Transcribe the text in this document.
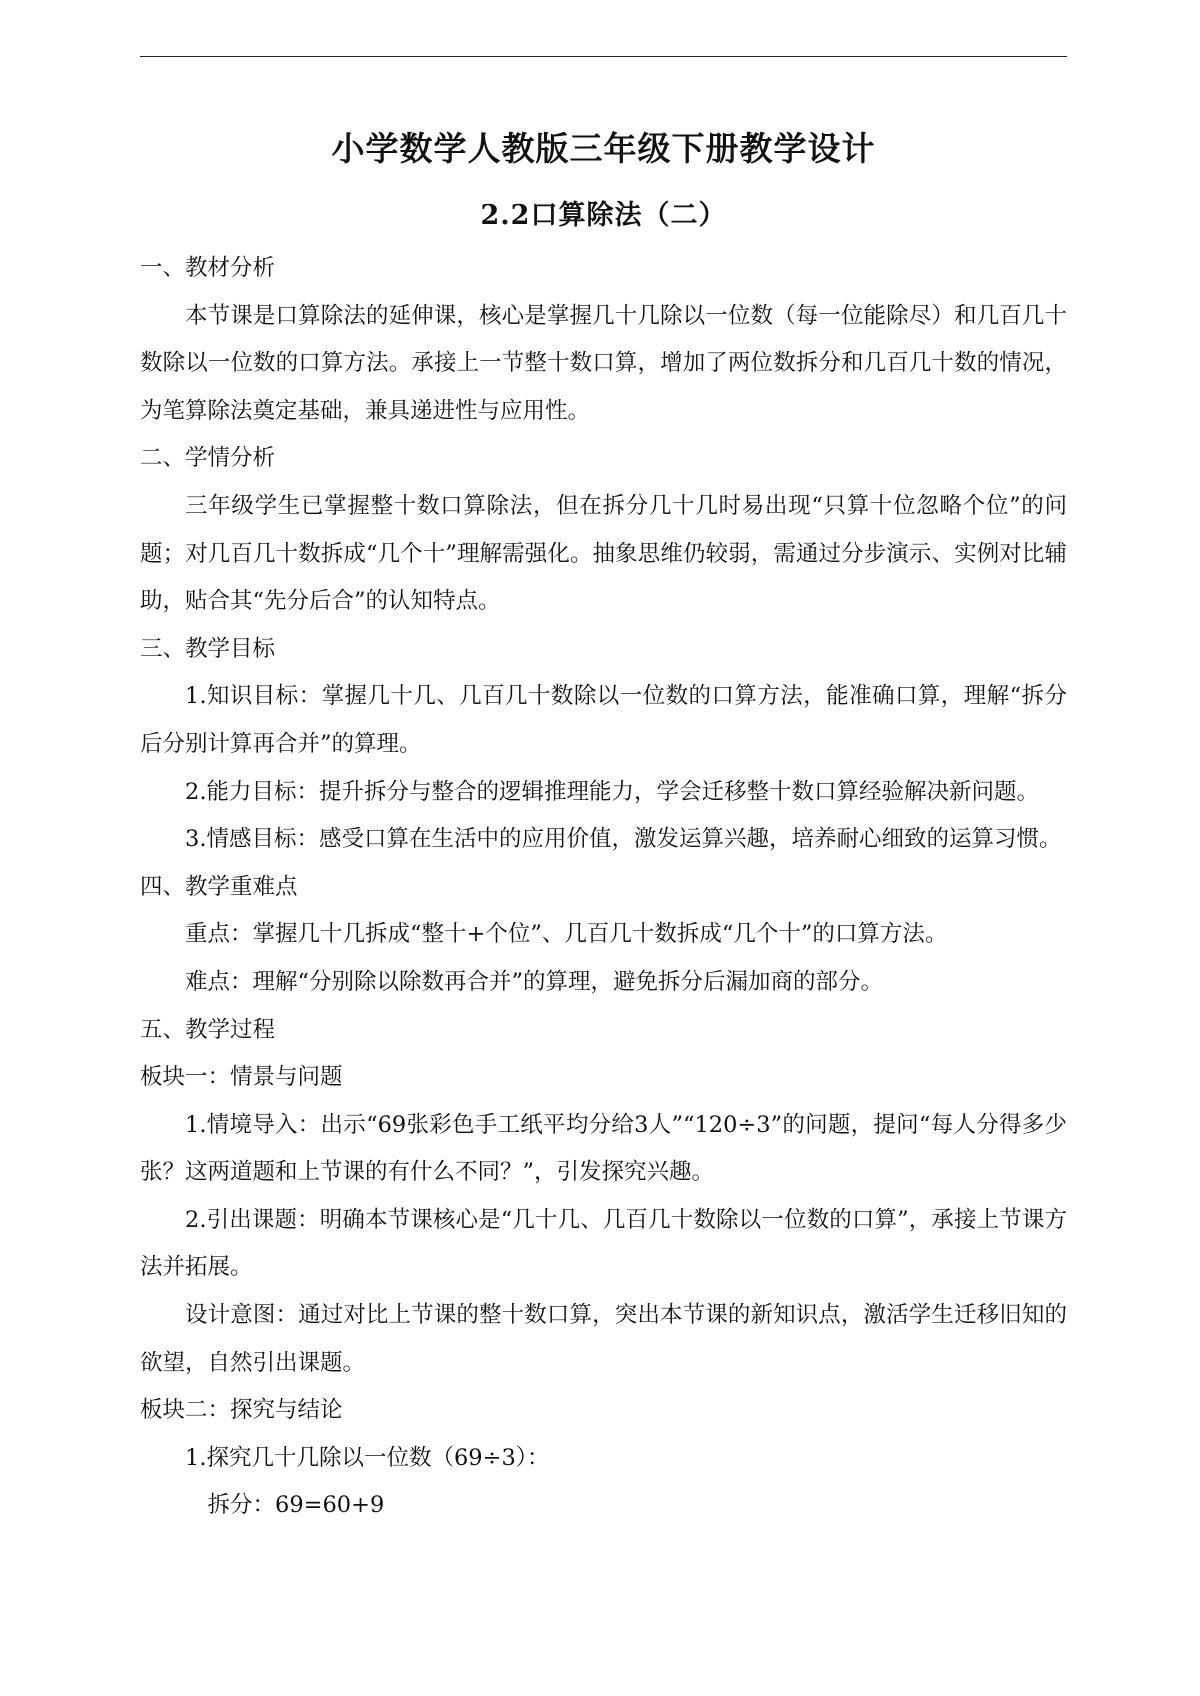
小学数学人教版三年级下册教学设计
2.2口算除法（二）

一、教材分析

本节课是口算除法的延伸课，核心是掌握几十几除以一位数（每一位能除尽）和几百几十数除以一位数的口算方法。承接上一节整十数口算，增加了两位数拆分和几百几十数的情况，为笔算除法奠定基础，兼具递进性与应用性。

二、学情分析

三年级学生已掌握整十数口算除法，但在拆分几十几时易出现“只算十位忽略个位”的问题；对几百几十数拆成“几个十”理解需强化。抽象思维仍较弱，需通过分步演示、实例对比辅助，贴合其“先分后合”的认知特点。

三、教学目标

1.知识目标：掌握几十几、几百几十数除以一位数的口算方法，能准确口算，理解“拆分后分别计算再合并”的算理。

2.能力目标：提升拆分与整合的逻辑推理能力，学会迁移整十数口算经验解决新问题。

3.情感目标：感受口算在生活中的应用价值，激发运算兴趣，培养耐心细致的运算习惯。

四、教学重难点

重点：掌握几十几拆成“整十+个位”、几百几十数拆成“几个十”的口算方法。

难点：理解“分别除以除数再合并”的算理，避免拆分后漏加商的部分。

五、教学过程

板块一：情景与问题

1.情境导入：出示“69张彩色手工纸平均分给3人”“120÷3”的问题，提问“每人分得多少张？这两道题和上节课的有什么不同？”，引发探究兴趣。

2.引出课题：明确本节课核心是“几十几、几百几十数除以一位数的口算”，承接上节课方法并拓展。

设计意图：通过对比上节课的整十数口算，突出本节课的新知识点，激活学生迁移旧知的欲望，自然引出课题。

板块二：探究与结论

1.探究几十几除以一位数（69÷3）：

拆分：69=60+9
